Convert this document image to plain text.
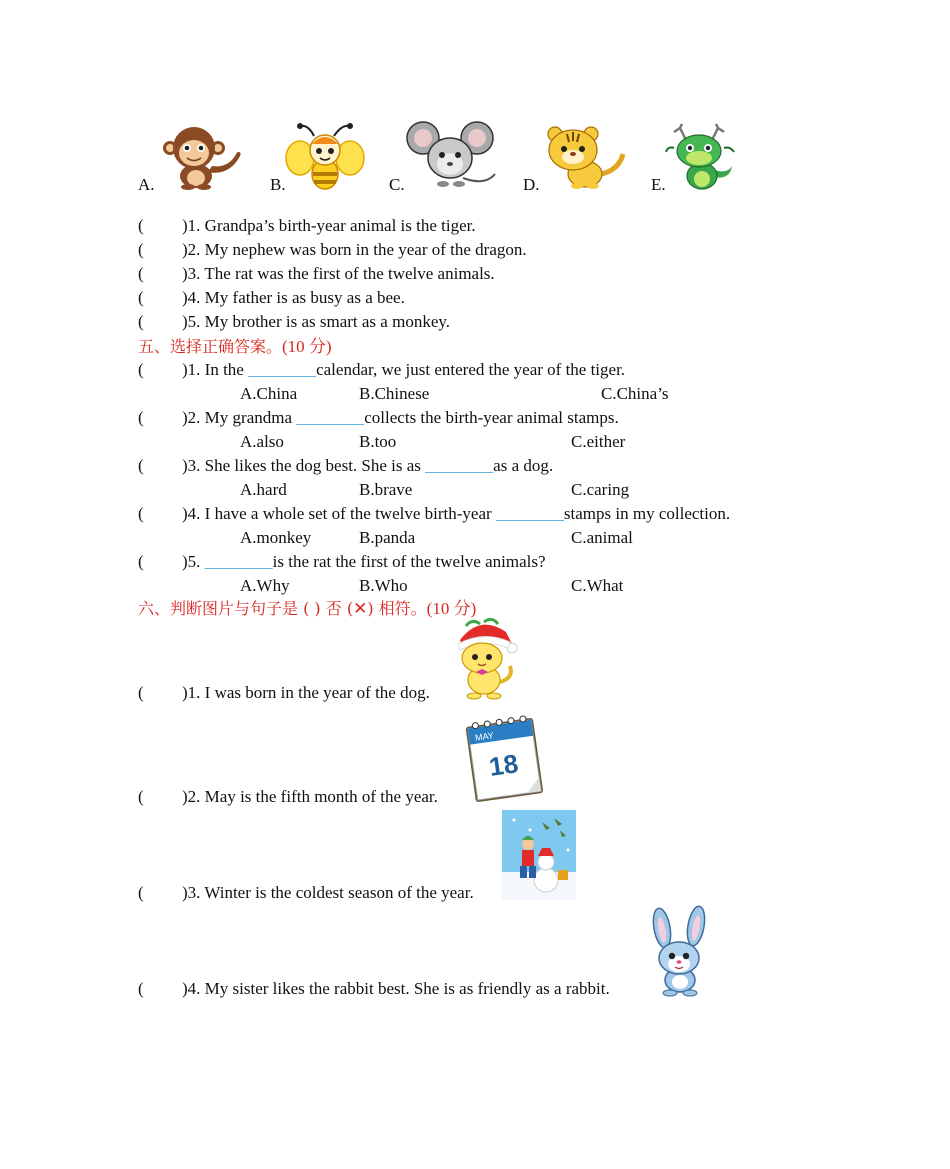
A.	B.	C.	D.	E.
( )1. Grandpa’s birth-year animal is the tiger.
( )2. My nephew was born in the year of the dragon.
( )3. The rat was the first of the twelve animals.
( )4. My father is as busy as a bee.
( )5. My brother is as smart as a monkey.
五、选择正确答案。(10 分)
( )1. In the ________calendar, we just entered the year of the tiger.
A.China	B.Chinese	C.China’s
( )2. My grandma ________collects the birth-year animal stamps.
A.also	B.too	C.either
( )3. She likes the dog best. She is as ________as a dog.
A.hard	B.brave	C.caring
( )4. I have a whole set of the twelve birth-year ________stamps in my collection.
A.monkey	B.panda	C.animal
( )5. ________is the rat the first of the twelve animals?
A.Why	B.Who	C.What
六、判断图片与句子是 ( ) 否 (✕) 相符。(10 分)
( )1. I was born in the year of the dog.
( )2. May is the fifth month of the year.
MAY
18
( )3. Winter is the coldest season of the year.
( )4. My sister likes the rabbit best. She is as friendly as a rabbit.
